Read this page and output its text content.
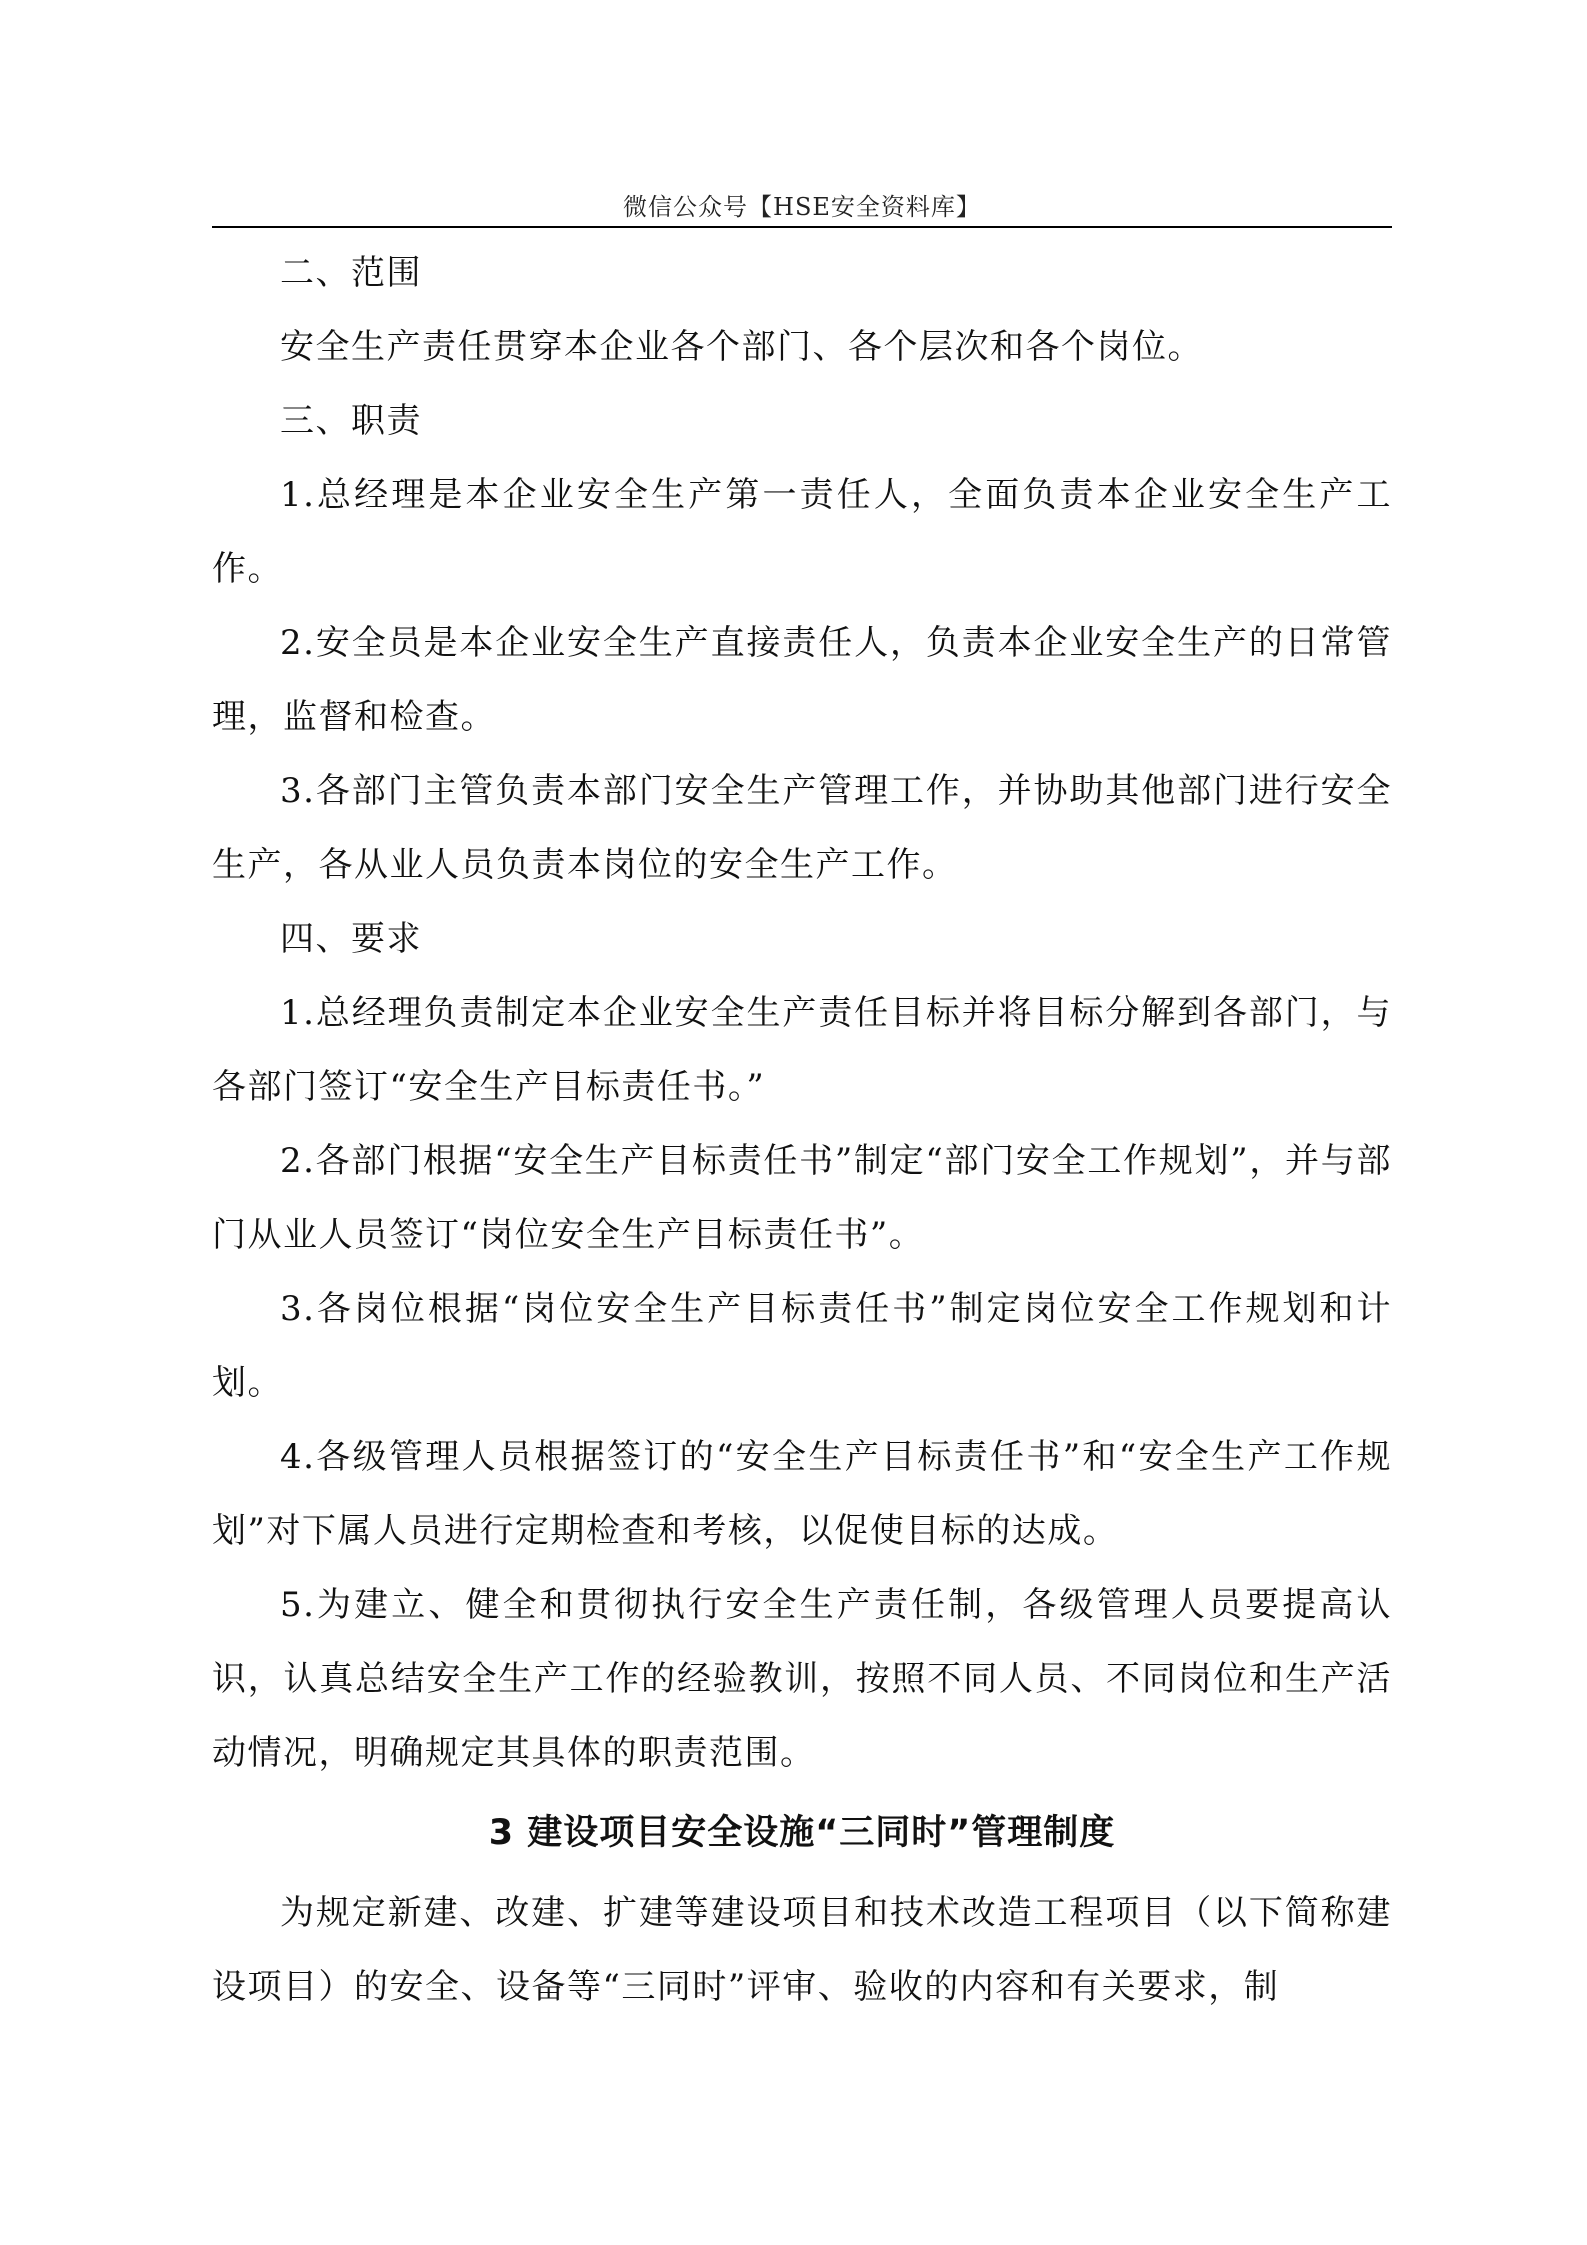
微信公众号【HSE安全资料库】

二、范围

安全生产责任贯穿本企业各个部门、各个层次和各个岗位。

三、职责

1.总经理是本企业安全生产第一责任人，全面负责本企业安全生产工作。

2.安全员是本企业安全生产直接责任人，负责本企业安全生产的日常管理，监督和检查。

3.各部门主管负责本部门安全生产管理工作，并协助其他部门进行安全生产，各从业人员负责本岗位的安全生产工作。

四、要求

1.总经理负责制定本企业安全生产责任目标并将目标分解到各部门，与各部门签订“安全生产目标责任书。”

2.各部门根据“安全生产目标责任书”制定“部门安全工作规划”，并与部门从业人员签订“岗位安全生产目标责任书”。

3.各岗位根据“岗位安全生产目标责任书”制定岗位安全工作规划和计划。

4.各级管理人员根据签订的“安全生产目标责任书”和“安全生产工作规划”对下属人员进行定期检查和考核，以促使目标的达成。

5.为建立、健全和贯彻执行安全生产责任制，各级管理人员要提高认识，认真总结安全生产工作的经验教训，按照不同人员、不同岗位和生产活动情况，明确规定其具体的职责范围。

3 建设项目安全设施“三同时”管理制度

为规定新建、改建、扩建等建设项目和技术改造工程项目（以下简称建设项目）的安全、设备等“三同时”评审、验收的内容和有关要求，制
